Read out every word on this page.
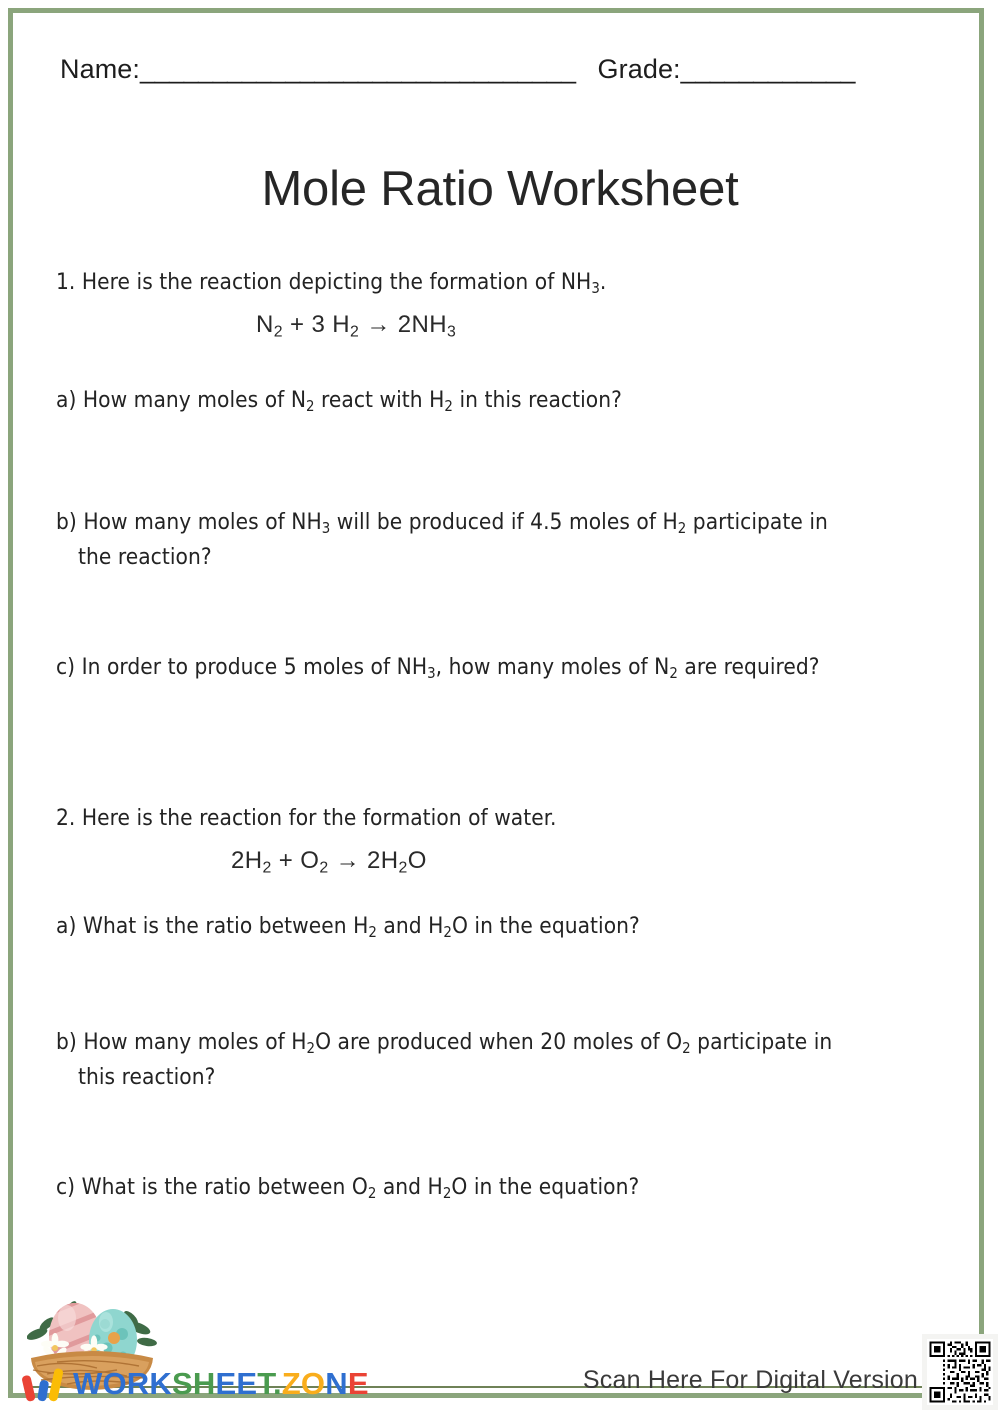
Name: ______________________________ Grade: ____________
Mole Ratio Worksheet
1. Here is the reaction depicting the formation of $NH_3$.
$N_2 + 3$ $H_2 \to 2NH_3$
a) How many moles of $N_2$ react with $H_2$ in this reaction?
b) How many moles of $NH_3$ will be produced if 4.5 moles of $H_2$ participate in
the reaction?
c) In order to produce 5 moles of $NH_3$, how many moles of $N_2$ are required?
2. Here is the reaction for the formation of water.
$2H_2 + O_2 \to 2H_2O$
a) What is the ratio between $H_2$ and $H_2O$ in the equation?
b) How many moles of $H_2O$ are produced when 20 moles of $O_2$ participate in
this reaction?
c) What is the ratio between $O_2$ and $H_2O$ in the equation?
WORKSHEET.ZONE	Scan Here For Digital Version
